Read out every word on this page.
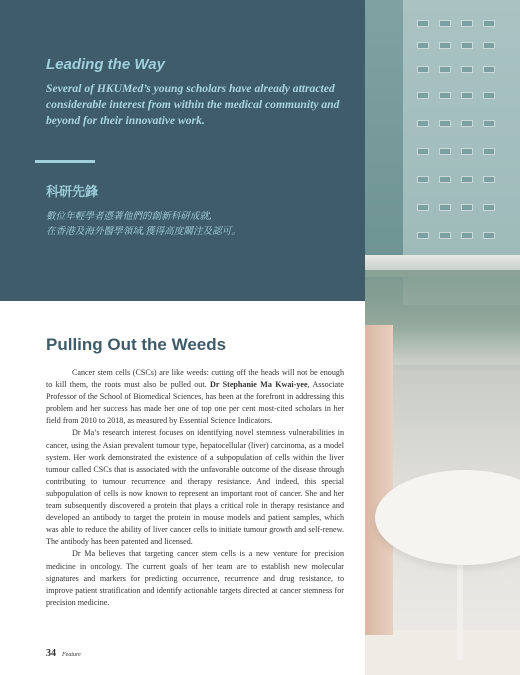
Leading the Way
Several of HKUMed’s young scholars have already attracted considerable interest from within the medical community and beyond for their innovative work.
科研先鋒
數位年輕學者憑著他們的創新科研成就,
在香港及海外醫學領域,獲得高度關注及認可。
Pulling Out the Weeds

Cancer stem cells (CSCs) are like weeds: cutting off the heads will not be enough to kill them, the roots must also be pulled out. Dr Stephanie Ma Kwai-yee, Associate Professor of the School of Biomedical Sciences, has been at the forefront in addressing this problem and her success has made her one of top one per cent most-cited scholars in her field from 2010 to 2018, as measured by Essential Science Indicators.

Dr Ma’s research interest focuses on identifying novel stemness vulnerabilities in cancer, using the Asian prevalent tumour type, hepatocellular (liver) carcinoma, as a model system. Her work demonstrated the existence of a subpopulation of cells within the liver tumour called CSCs that is associated with the unfavorable outcome of the disease through contributing to tumour recurrence and therapy resistance. And indeed, this special subpopulation of cells is now known to represent an important root of cancer. She and her team subsequently discovered a protein that plays a critical role in therapy resistance and developed an antibody to target the protein in mouse models and patient samples, which was able to reduce the ability of liver cancer cells to initiate tumour growth and self-renew. The antibody has been patented and licensed.

Dr Ma believes that targeting cancer stem cells is a new venture for precision medicine in oncology. The current goals of her team are to establish new molecular signatures and markers for predicting occurrence, recurrence and drug resistance, to improve patient stratification and identify actionable targets directed at cancer stemness for precision medicine.

34 Feature
